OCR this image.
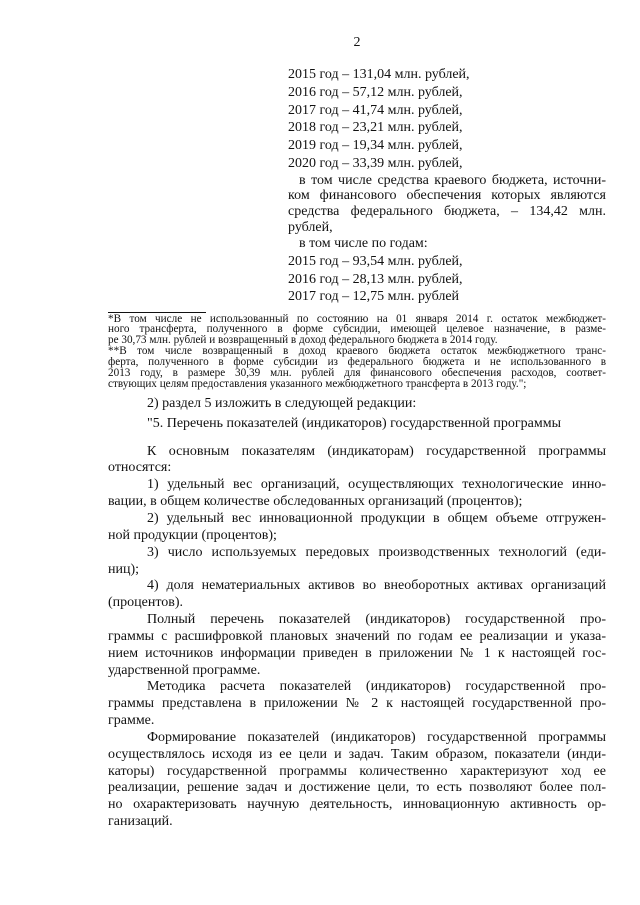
2
2015 год – 131,04 млн. рублей,
2016 год – 57,12 млн. рублей,
2017 год – 41,74 млн. рублей,
2018 год – 23,21 млн. рублей,
2019 год – 19,34 млн. рублей,
2020 год – 33,39 млн. рублей,
в том числе средства краевого бюджета, источни-
ком финансового обеспечения которых являются
средства федерального бюджета, – 134,42 млн.
рублей,
в том числе по годам:
2015 год – 93,54 млн. рублей,
2016 год – 28,13 млн. рублей,
2017 год – 12,75 млн. рублей
*В том числе не использованный по состоянию на 01 января 2014 г. остаток межбюджет-
ного трансферта, полученного в форме субсидии, имеющей целевое назначение, в разме-
ре 30,73 млн. рублей и возвращенный в доход федерального бюджета в 2014 году.
**В том числе возвращенный в доход краевого бюджета остаток межбюджетного транс-
ферта, полученного в форме субсидии из федерального бюджета и не использованного в
2013 году, в размере 30,39 млн. рублей для финансового обеспечения расходов, соответ-
ствующих целям предоставления указанного межбюджетного трансферта в 2013 году.";
2) раздел 5 изложить в следующей редакции:
"5. Перечень показателей (индикаторов) государственной программы
К основным показателям (индикаторам) государственной программы
относятся:
1) удельный вес организаций, осуществляющих технологические инно-
вации, в общем количестве обследованных организаций (процентов);
2) удельный вес инновационной продукции в общем объеме отгружен-
ной продукции (процентов);
3) число используемых передовых производственных технологий (еди-
ниц);
4) доля нематериальных активов во внеоборотных активах организаций
(процентов).
Полный перечень показателей (индикаторов) государственной про-
граммы с расшифровкой плановых значений по годам ее реализации и указа-
нием источников информации приведен в приложении № 1 к настоящей гос-
ударственной программе.
Методика расчета показателей (индикаторов) государственной про-
граммы представлена в приложении № 2 к настоящей государственной про-
грамме.
Формирование показателей (индикаторов) государственной программы
осуществлялось исходя из ее цели и задач. Таким образом, показатели (инди-
каторы) государственной программы количественно характеризуют ход ее
реализации, решение задач и достижение цели, то есть позволяют более пол-
но охарактеризовать научную деятельность, инновационную активность ор-
ганизаций.
